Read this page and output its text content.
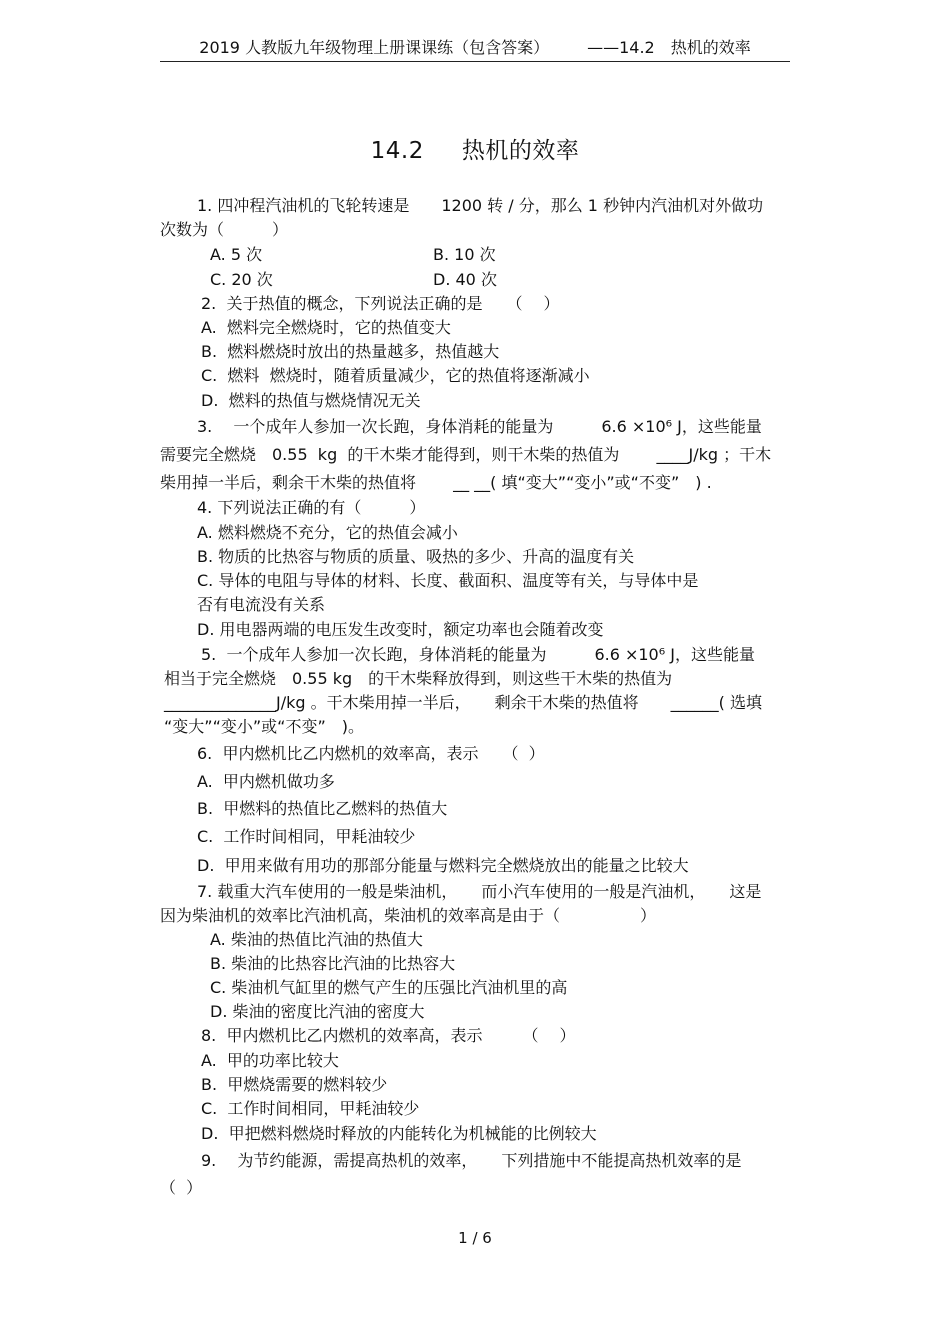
2019 人教版九年级物理上册课课练（包含答案） ——14.2　热机的效率
14.2 热机的效率
1. 四冲程汽油机的飞轮转速是　　1200 转 / 分，那么 1 秒钟内汽油机对外做功
次数为（　　　）
A. 5 次	B. 10 次
C. 20 次	D. 40 次
2.  关于热值的概念，下列说法正确的是　　（　 ）
A.  燃料完全燃烧时，它的热值变大
B.  燃料燃烧时放出的热量越多，热值越大
C.  燃料  燃烧时，随着质量减少，它的热值将逐渐减小
D.  燃料的热值与燃烧情况无关
3.　 一个成年人参加一次长跑，身体消耗的能量为　　　6.6 ×10⁶ J，这些能量
需要完全燃烧　0.55  kg  的干木柴才能得到，则干木柴的热值为　　 ____J/kg ；干木
柴用掉一半后，剩余干木柴的热值将　　 __ __( 填“变大”“变小”或“不变”　) .
4. 下列说法正确的有（　　　）
A. 燃料燃烧不充分，它的热值会减小
B. 物质的比热容与物质的质量、吸热的多少、升高的温度有关
C. 导体的电阻与导体的材料、长度、截面积、温度等有关，与导体中是
否有电流没有关系
D. 用电器两端的电压发生改变时，额定功率也会随着改变
5.  一个成年人参加一次长跑，身体消耗的能量为　　　6.6 ×10⁶ J，这些能量
相当于完全燃烧　0.55 kg　的干木柴释放得到，则这些干木柴的热值为
______________J/kg 。干木柴用掉一半后，　　剩余干木柴的热值将　　______( 选填
“变大”“变小”或“不变”　)。
6.  甲内燃机比乙内燃机的效率高，表示　　（  ）
A.  甲内燃机做功多
B.  甲燃料的热值比乙燃料的热值大
C.  工作时间相同，甲耗油较少
D.  甲用来做有用功的那部分能量与燃料完全燃烧放出的能量之比较大
7. 载重大汽车使用的一般是柴油机，　　而小汽车使用的一般是汽油机，　　这是
因为柴油机的效率比汽油机高，柴油机的效率高是由于（　　　　　）
A. 柴油的热值比汽油的热值大
B. 柴油的比热容比汽油的比热容大
C. 柴油机气缸里的燃气产生的压强比汽油机里的高
D. 柴油的密度比汽油的密度大
8.  甲内燃机比乙内燃机的效率高，表示　　　（　 ）
A.  甲的功率比较大
B.  甲燃烧需要的燃料较少
C.  工作时间相同，甲耗油较少
D.  甲把燃料燃烧时释放的内能转化为机械能的比例较大
9.　 为节约能源，需提高热机的效率，　　下列措施中不能提高热机效率的是
（  ）
1 / 6
